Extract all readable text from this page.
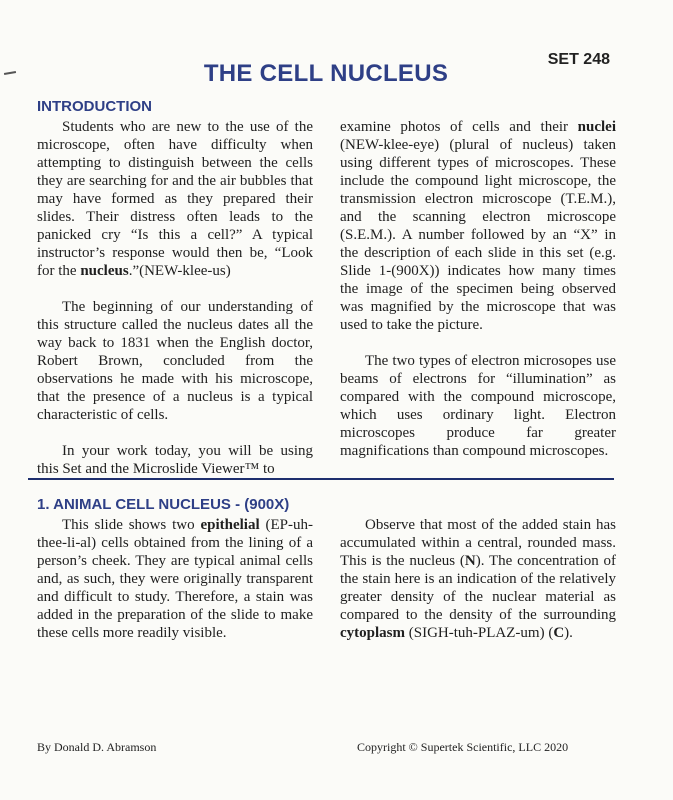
SET 248
THE CELL NUCLEUS
INTRODUCTION

Students who are new to the use of the microscope, often have difficulty when attempting to distinguish between the cells they are searching for and the air bubbles that may have formed as they prepared their slides. Their distress often leads to the panicked cry “Is this a cell?” A typical instructor’s response would then be, “Look for the nucleus.”(NEW-klee-us)

The beginning of our understanding of this structure called the nucleus dates all the way back to 1831 when the English doctor, Robert Brown, concluded from the observations he made with his microscope, that the presence of a nucleus is a typical characteristic of cells.

In your work today, you will be using this Set and the Microslide Viewer™ to

examine photos of cells and their nuclei (NEW-klee-eye) (plural of nucleus) taken using different types of microscopes. These include the compound light microscope, the transmission electron microscope (T.E.M.), and the scanning electron microscope (S.E.M.). A number followed by an “X” in the description of each slide in this set (e.g. Slide 1-(900X)) indicates how many times the image of the specimen being observed was magnified by the microscope that was used to take the picture.

The two types of electron microsopes use beams of electrons for “illumination” as compared with the compound microscope, which uses ordinary light. Electron microscopes produce far greater magnifications than compound microscopes.

1. ANIMAL CELL NUCLEUS - (900X)

This slide shows two epithelial (EP-uh-thee-li-al) cells obtained from the lining of a person’s cheek. They are typical animal cells and, as such, they were originally transparent and difficult to study. Therefore, a stain was added in the preparation of the slide to make these cells more readily visible.

Observe that most of the added stain has accumulated within a central, rounded mass. This is the nucleus (N). The concentration of the stain here is an indication of the relatively greater density of the nuclear material as compared to the density of the surrounding cytoplasm (SIGH-tuh-PLAZ-um) (C).

By Donald D. Abramson	Copyright © Supertek Scientific, LLC 2020
